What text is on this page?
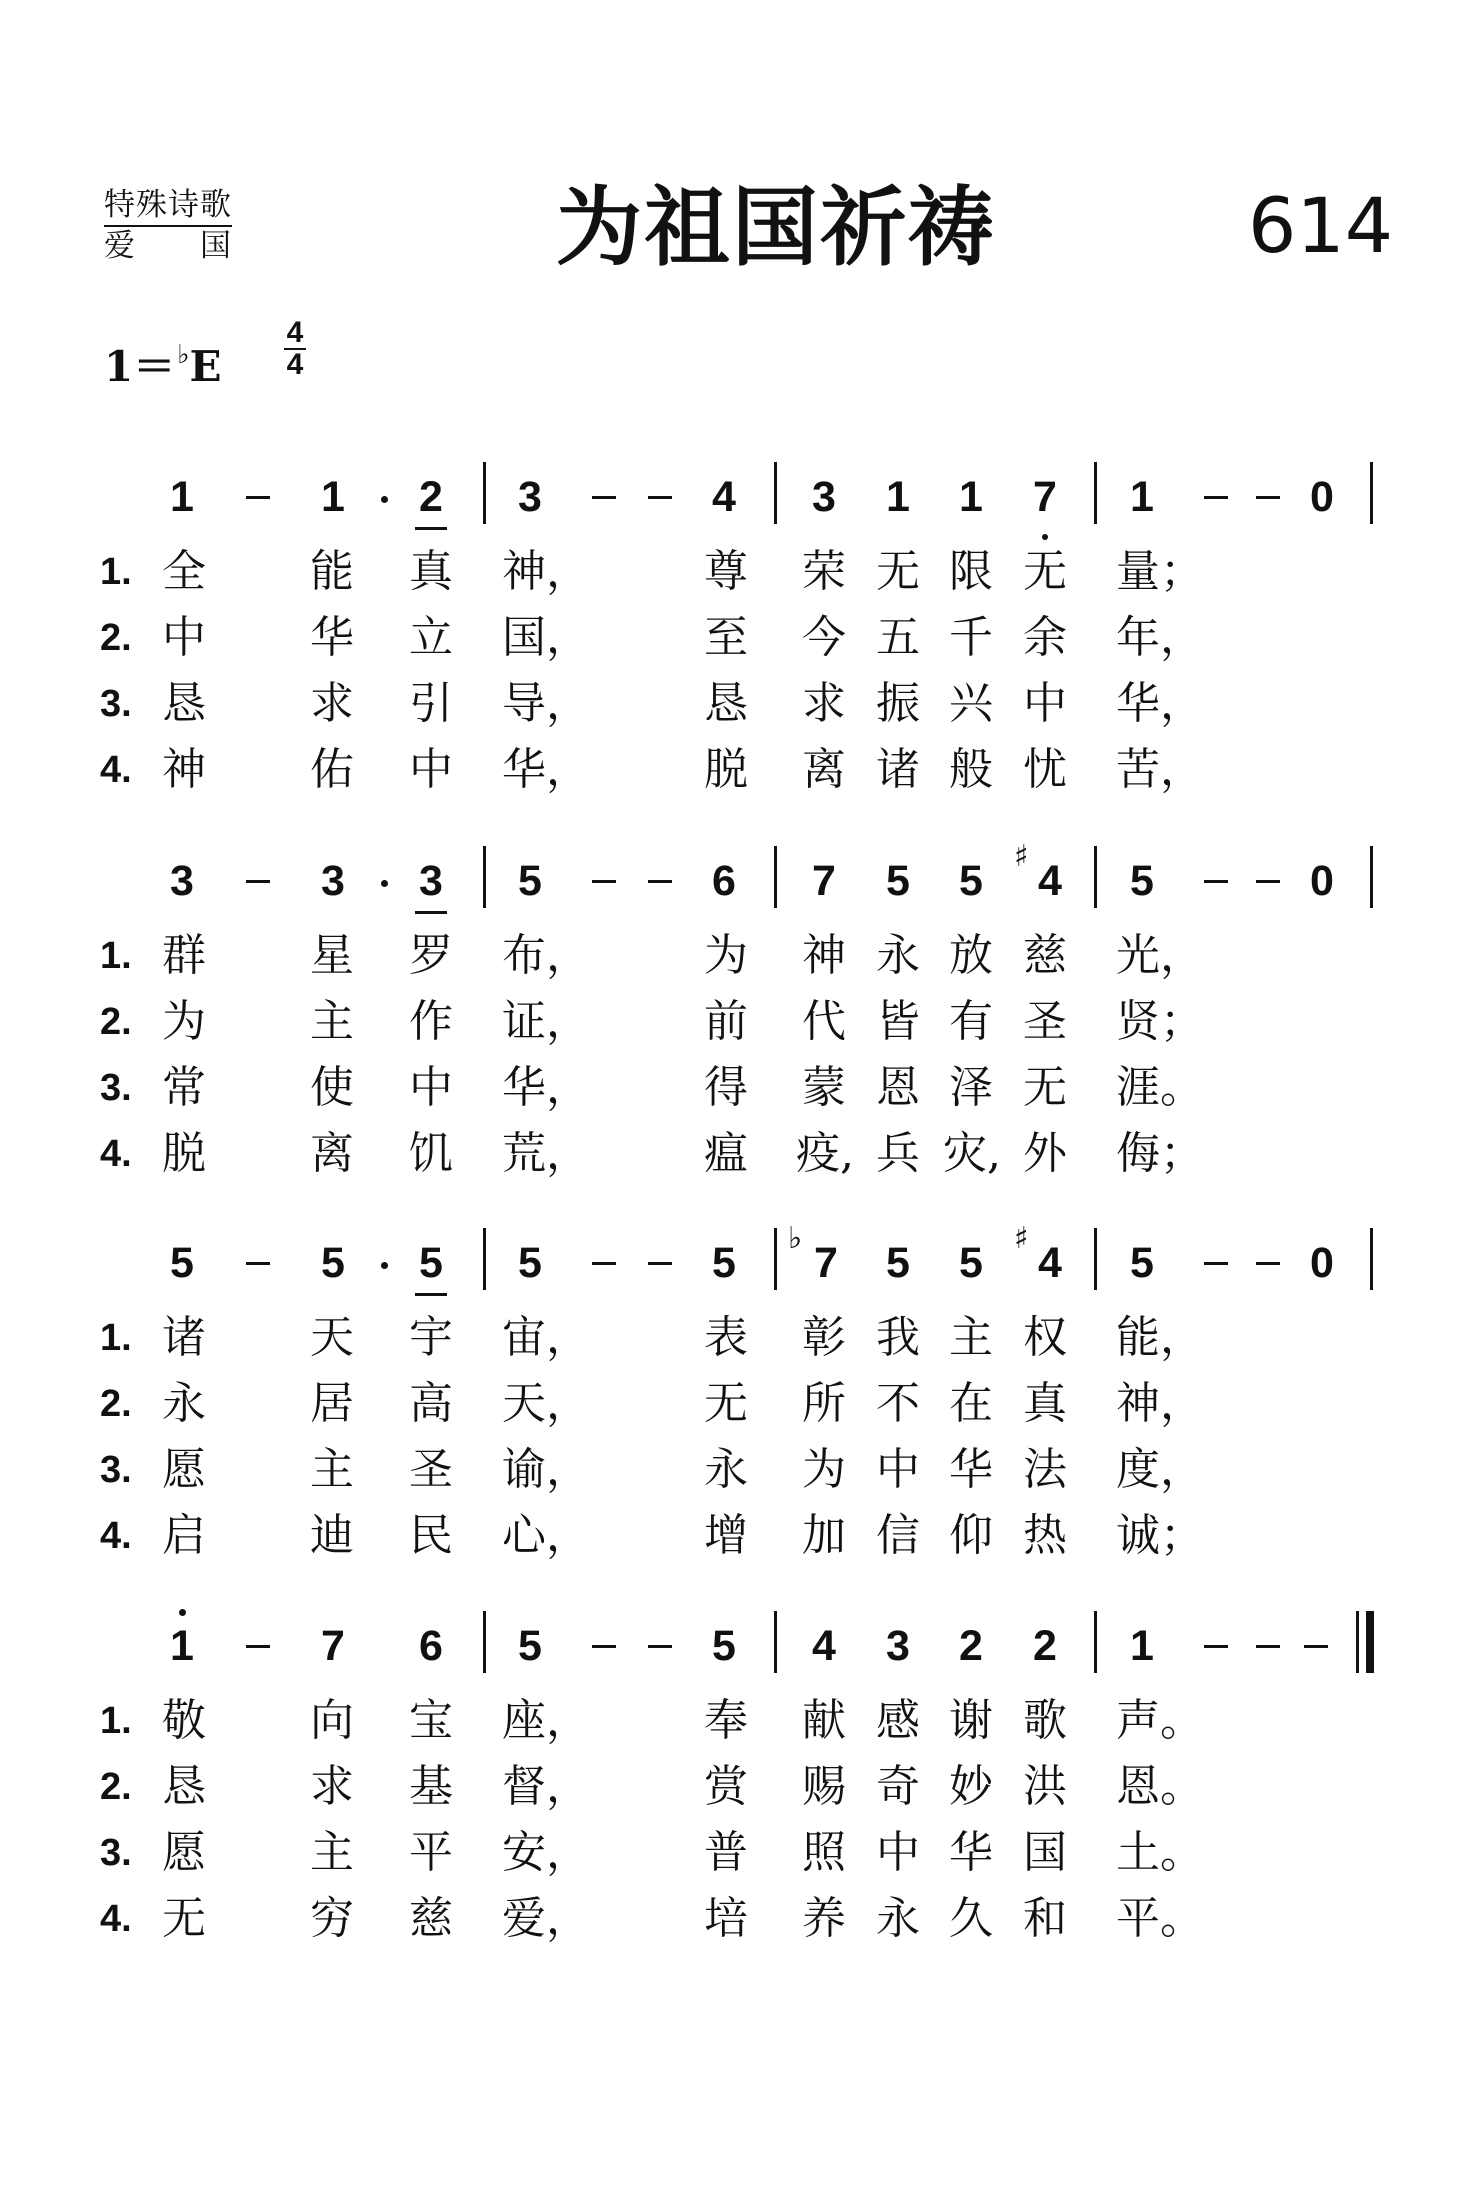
特殊诗歌
爱　　国	为祖国祈祷	614
$1=^♭E \frac{4}{4}$
1	1 2 3	4 3 1 1 7 1	0
1. 全 能 真 神，	尊 荣 无 限 无 量；
2. 中 华 立 国，	至 今 五 千 余 年，
3. 恳 求 引 导，	恳 求 振 兴 中 华，
4. 神 佑 中 华，	脱 离 诸 般 忧 苦，
3	3 3 5	6 7 5 5
♯
4 5	0
1. 群 星 罗 布，	为 神 永 放 慈 光，
2. 为 主 作 证，	前 代 皆 有 圣 贤；
3. 常 使 中 华，	得 蒙 恩 泽 无 涯。
4. 脱 离 饥 荒，	瘟 疫, 兵 灾, 外 侮；
5	5 5 5	5
♭
7 5 5
♯
4 5	0
1. 诸 天 宇 宙，	表 彰 我 主 权 能，
2. 永 居 高 天，	无 所 不 在 真 神，
3. 愿 主 圣 谕，	永 为 中 华 法 度，
4. 启 迪 民 心，	增 加 信 仰 热 诚；
1	7 6 5	5 4 3 2 2 1
1. 敬 向 宝 座，	奉 献 感 谢 歌 声。
2. 恳 求 基 督，	赏 赐 奇 妙 洪 恩。
3. 愿 主 平 安，	普 照 中 华 国 土。
4. 无 穷 慈 爱，	培 养 永 久 和 平。
